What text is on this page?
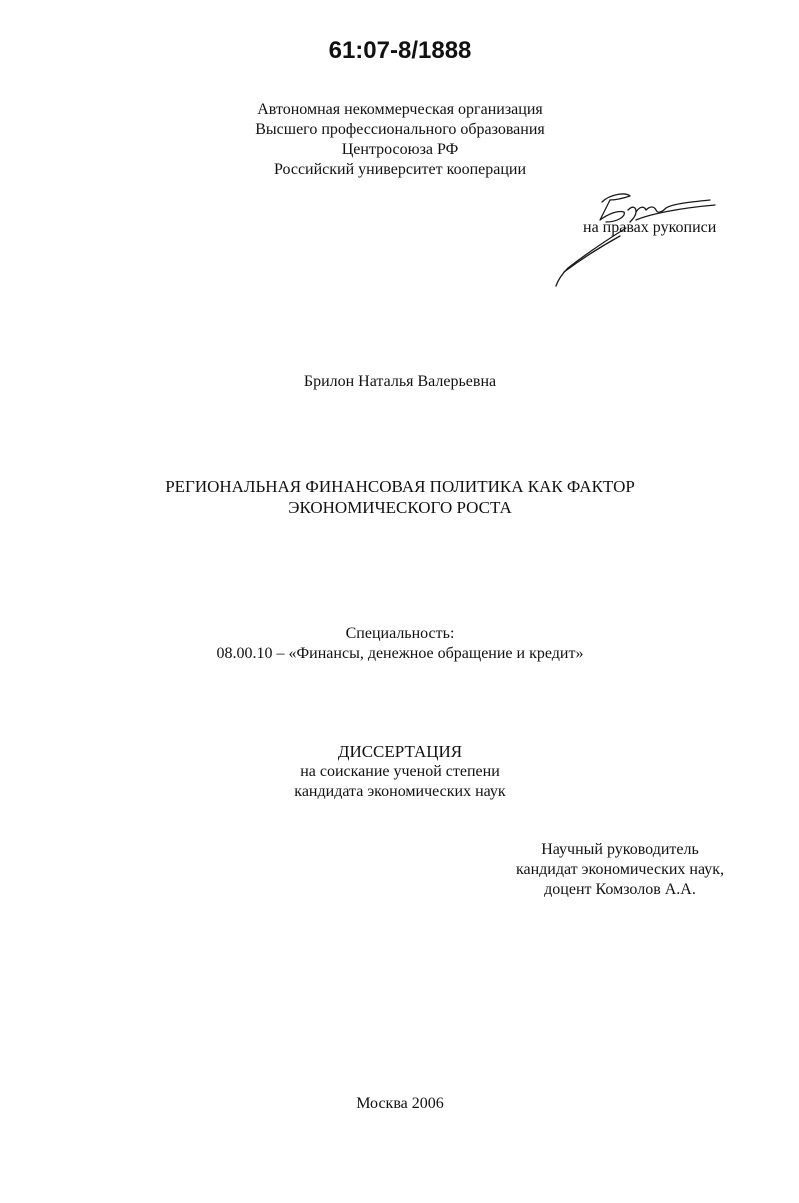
61:07-8/1888
Автономная некоммерческая организация
Высшего профессионального образования
Центросоюза РФ
Российский университет кооперации
на правах рукописи
Брилон Наталья Валерьевна
РЕГИОНАЛЬНАЯ ФИНАНСОВАЯ ПОЛИТИКА КАК ФАКТОР
ЭКОНОМИЧЕСКОГО РОСТА
Специальность:
08.00.10 – «Финансы, денежное обращение и кредит»
ДИССЕРТАЦИЯ
на соискание ученой степени
кандидата экономических наук
Научный руководитель
кандидат экономических наук,
доцент Комзолов А.А.
Москва 2006
